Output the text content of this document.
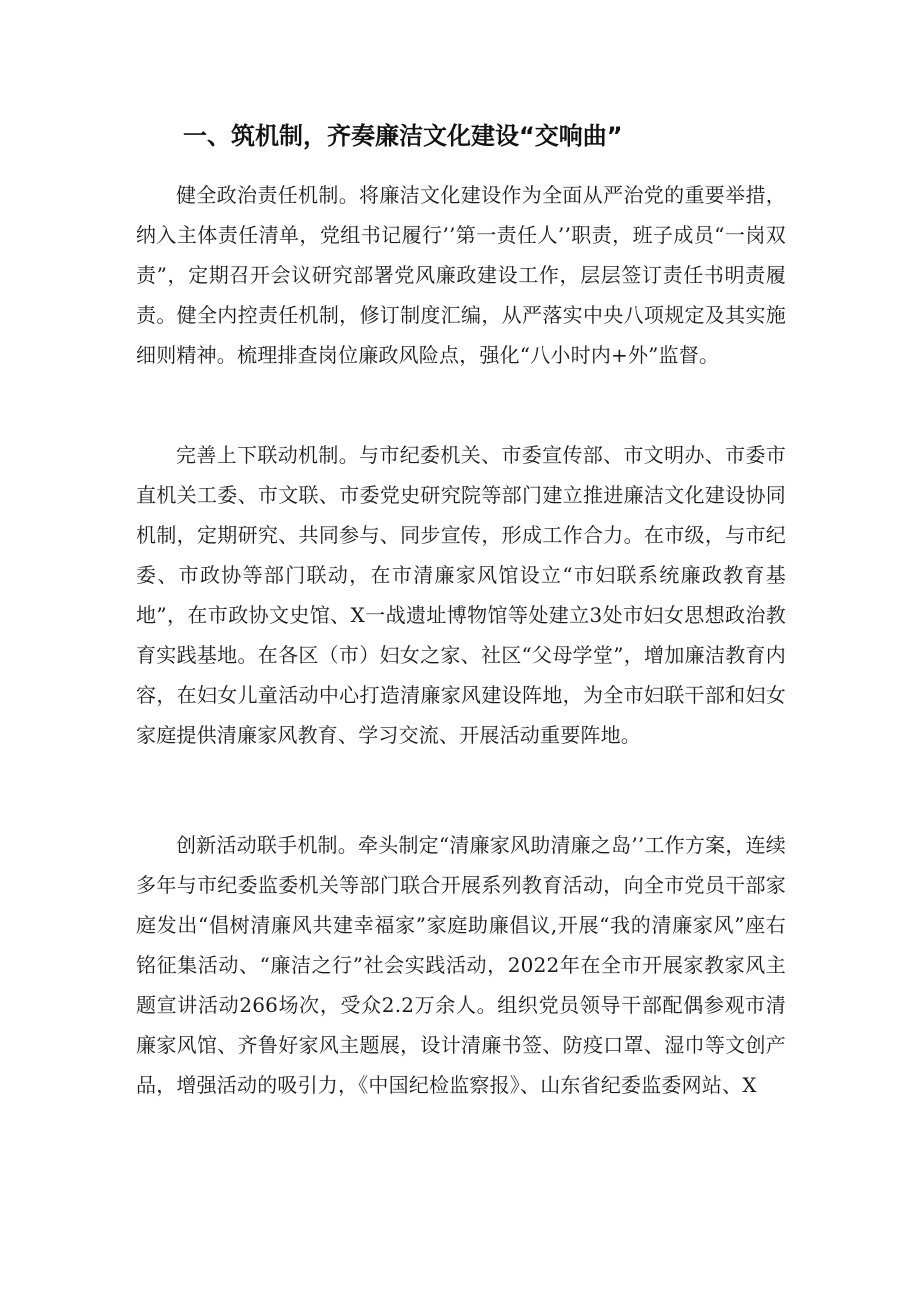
一、筑机制，齐奏廉洁文化建设“交响曲”

健全政治责任机制。将廉洁文化建设作为全面从严治党的重要举措，纳入主体责任清单，党组书记履行’’第一责任人’’职责，班子成员“一岗双责”，定期召开会议研究部署党风廉政建设工作，层层签订责任书明责履责。健全内控责任机制，修订制度汇编，从严落实中央八项规定及其实施细则精神。梳理排查岗位廉政风险点，强化“八小时内+外”监督。

完善上下联动机制。与市纪委机关、市委宣传部、市文明办、市委市直机关工委、市文联、市委党史研究院等部门建立推进廉洁文化建设协同机制，定期研究、共同参与、同步宣传，形成工作合力。在市级，与市纪委、市政协等部门联动，在市清廉家风馆设立“市妇联系统廉政教育基地”，在市政协文史馆、X一战遗址博物馆等处建立3处市妇女思想政治教育实践基地。在各区（市）妇女之家、社区“父母学堂”，增加廉洁教育内容，在妇女儿童活动中心打造清廉家风建设阵地，为全市妇联干部和妇女家庭提供清廉家风教育、学习交流、开展活动重要阵地。

创新活动联手机制。牵头制定“清廉家风助清廉之岛’’工作方案，连续多年与市纪委监委机关等部门联合开展系列教育活动，向全市党员干部家庭发出“倡树清廉风共建幸福家”家庭助廉倡议,开展“我的清廉家风”座右铭征集活动、“廉洁之行”社会实践活动，2022年在全市开展家教家风主题宣讲活动266场次，受众2.2万余人。组织党员领导干部配偶参观市清廉家风馆、齐鲁好家风主题展，设计清廉书签、防疫口罩、湿巾等文创产品，增强活动的吸引力，《中国纪检监察报》、山东省纪委监委网站、X
